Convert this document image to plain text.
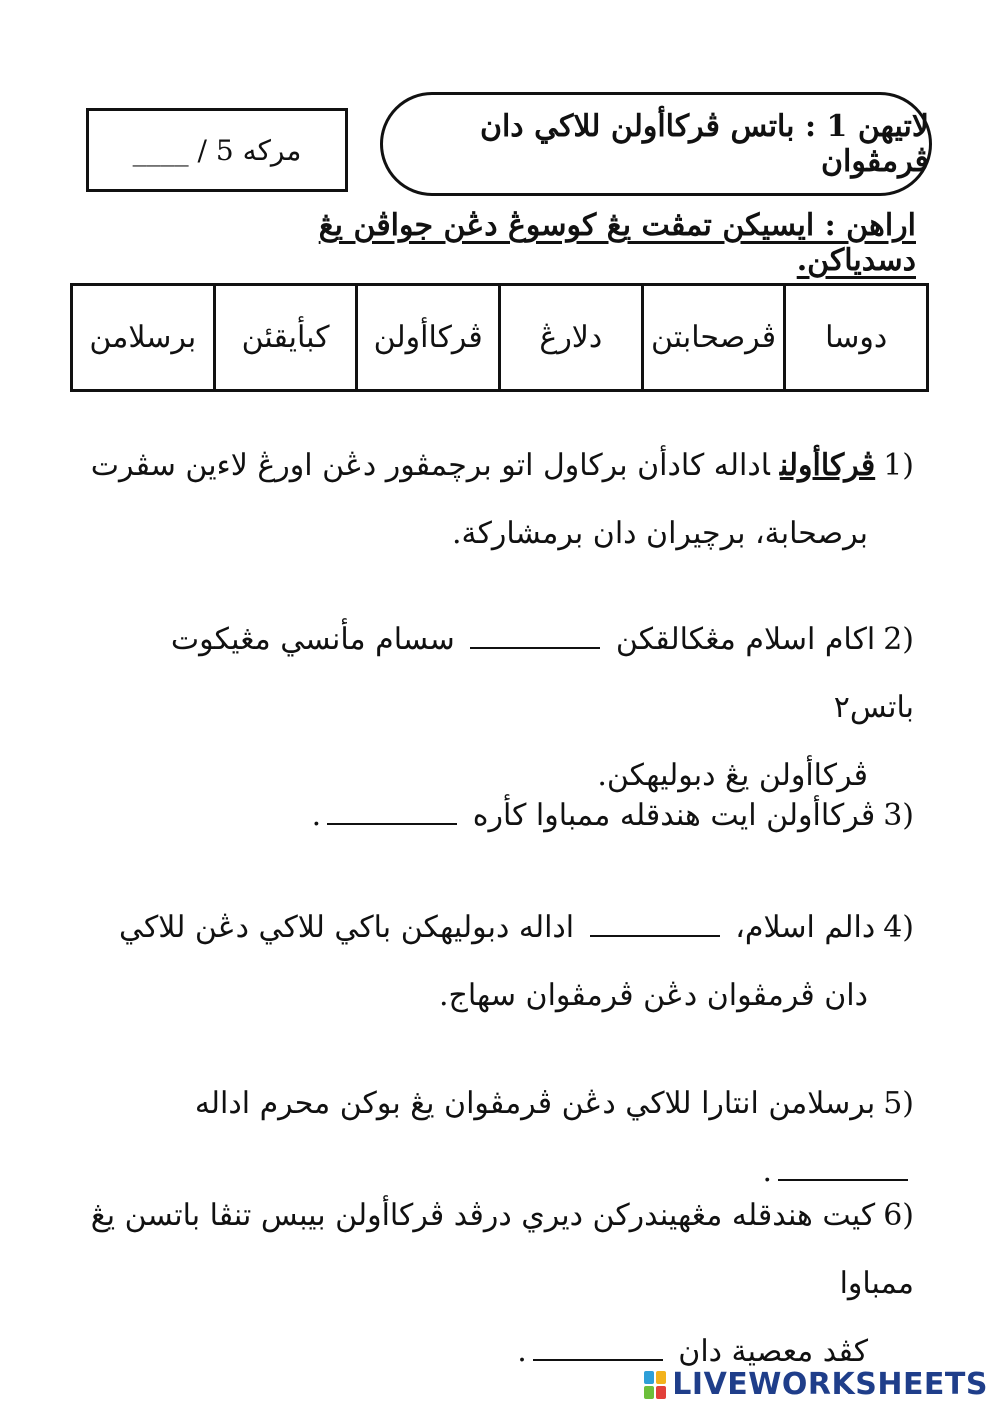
____ / 5 مركه
لاتيهن 1 : باتس ڤركاأولن للاكي دان ڤرمڤوان
اراهن : ايسيكن تمڤت يڠ كوسوڠ دڠن جواڤن يڠ دسدياكن.
دوسا	ڤرصحابتن	دلارڠ	ڤركاأولن	كبأيقئن	برسلامن
(1ڤركاأولناداله كادأن بركاول اتو برچمڤور دڠن اورڠ لاءين سڤرت
برصحابة، برچيران دان برمشاركة.
(2اكام اسلام مڠكالقكن  سسام مأنسي مڠيكوت باتس٢
ڤركاأولن يڠ دبوليهكن.
(3ڤركاأولن ايت هندقله ممباوا كأره .
(4دالم اسلام،  اداله دبوليهكن باكي للاكي دڠن للاكي
دان ڤرمڤوان دڠن ڤرمڤوان سهاج.
(5برسلامن انتارا للاكي دڠن ڤرمڤوان يڠ بوكن محرم اداله .
(6كيت هندقله مڠهيندركن ديري درڤد ڤركاأولن بيبس تنڤا باتسن يڠ ممباوا
كڤد معصية دان .
LIVEWORKSHEETS
